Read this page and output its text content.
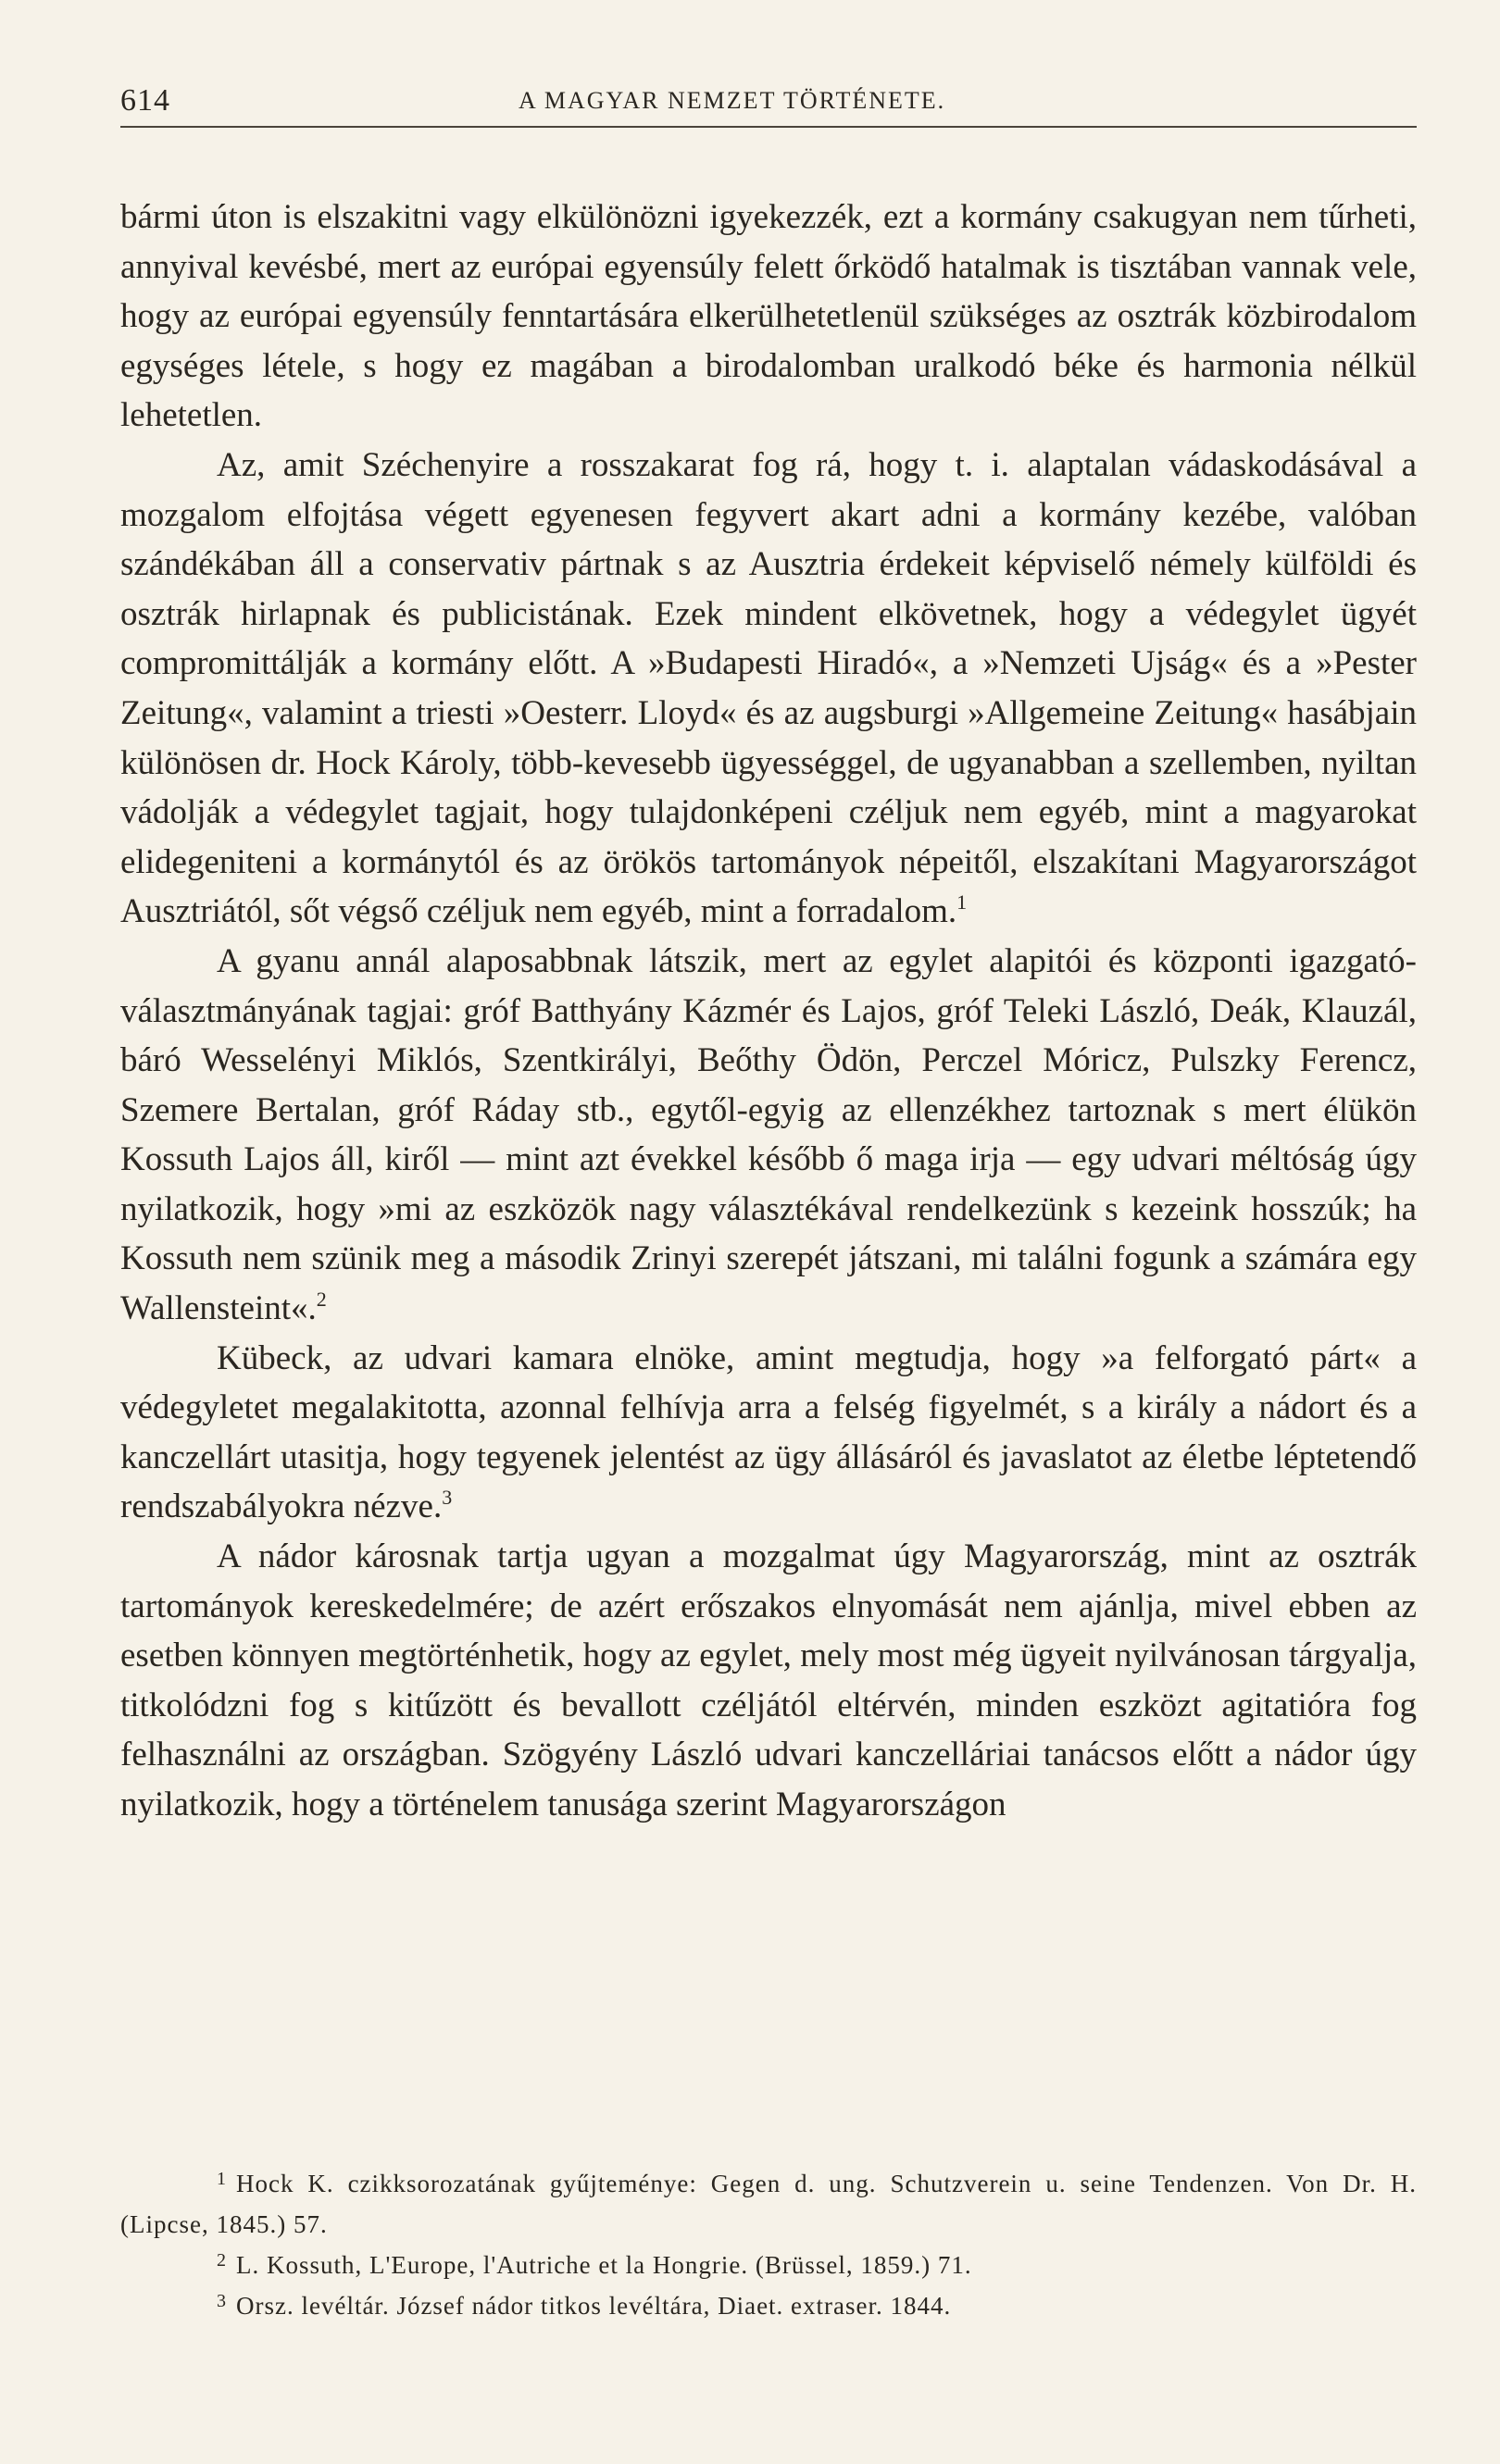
614	A MAGYAR NEMZET TÖRTÉNETE.

bármi úton is elszakitni vagy elkülönözni igyekezzék, ezt a kormány csakugyan nem tűrheti, annyival kevésbé, mert az európai egyensúly felett őrködő hatalmak is tisztában vannak vele, hogy az európai egyensúly fenntartására elkerülhetetlenül szükséges az osztrák közbirodalom egységes létele, s hogy ez magában a birodalomban uralkodó béke és harmonia nélkül lehetetlen.

Az, amit Széchenyire a rosszakarat fog rá, hogy t. i. alaptalan vádaskodásával a mozgalom elfojtása végett egyenesen fegyvert akart adni a kormány kezébe, valóban szándékában áll a conservativ pártnak s az Ausztria érdekeit képviselő némely külföldi és osztrák hirlapnak és publicistának. Ezek mindent elkövetnek, hogy a védegylet ügyét compromittálják a kormány előtt. A »Budapesti Hiradó«, a »Nemzeti Ujság« és a »Pester Zeitung«, valamint a triesti »Oesterr. Lloyd« és az augsburgi »Allgemeine Zeitung« hasábjain különösen dr. Hock Károly, több-kevesebb ügyességgel, de ugyanabban a szellemben, nyiltan vádolják a védegylet tagjait, hogy tulajdonképeni czéljuk nem egyéb, mint a magyarokat elidegeniteni a kormánytól és az örökös tartományok népeitől, elszakítani Magyarországot Ausztriától, sőt végső czéljuk nem egyéb, mint a forradalom.$^1$

A gyanu annál alaposabbnak látszik, mert az egylet alapitói és központi igazgató-választmányának tagjai: gróf Batthyány Kázmér és Lajos, gróf Teleki László, Deák, Klauzál, báró Wesselényi Miklós, Szentkirályi, Beőthy Ödön, Perczel Móricz, Pulszky Ferencz, Szemere Bertalan, gróf Ráday stb., egytől-egyig az ellenzékhez tartoznak s mert élükön Kossuth Lajos áll, kiről — mint azt évekkel később ő maga irja — egy udvari méltóság úgy nyilatkozik, hogy »mi az eszközök nagy választékával rendelkezünk s kezeink hosszúk; ha Kossuth nem szünik meg a második Zrinyi szerepét játszani, mi találni fogunk a számára egy Wallensteint«.$^2$

Kübeck, az udvari kamara elnöke, amint megtudja, hogy »a felforgató párt« a védegyletet megalakitotta, azonnal felhívja arra a felség figyelmét, s a király a nádort és a kanczellárt utasitja, hogy tegyenek jelentést az ügy állásáról és javaslatot az életbe léptetendő rendszabályokra nézve.$^3$

A nádor károsnak tartja ugyan a mozgalmat úgy Magyarország, mint az osztrák tartományok kereskedelmére; de azért erőszakos elnyomását nem ajánlja, mivel ebben az esetben könnyen megtörténhetik, hogy az egylet, mely most még ügyeit nyilvánosan tárgyalja, titkolódzni fog s kitűzött és bevallott czéljától eltérvén, minden eszközt agitatióra fog felhasználni az országban. Szögyény László udvari kanczelláriai tanácsos előtt a nádor úgy nyilatkozik, hogy a történelem tanusága szerint Magyarországon

$^1$ Hock K. czikksorozatának gyűjteménye: Gegen d. ung. Schutzverein u. seine Tendenzen. Von Dr. H. (Lipcse, 1845.) 57.

$^2$ L. Kossuth, L'Europe, l'Autriche et la Hongrie. (Brüssel, 1859.) 71.

$^3$ Orsz. levéltár. József nádor titkos levéltára, Diaet. extraser. 1844.
